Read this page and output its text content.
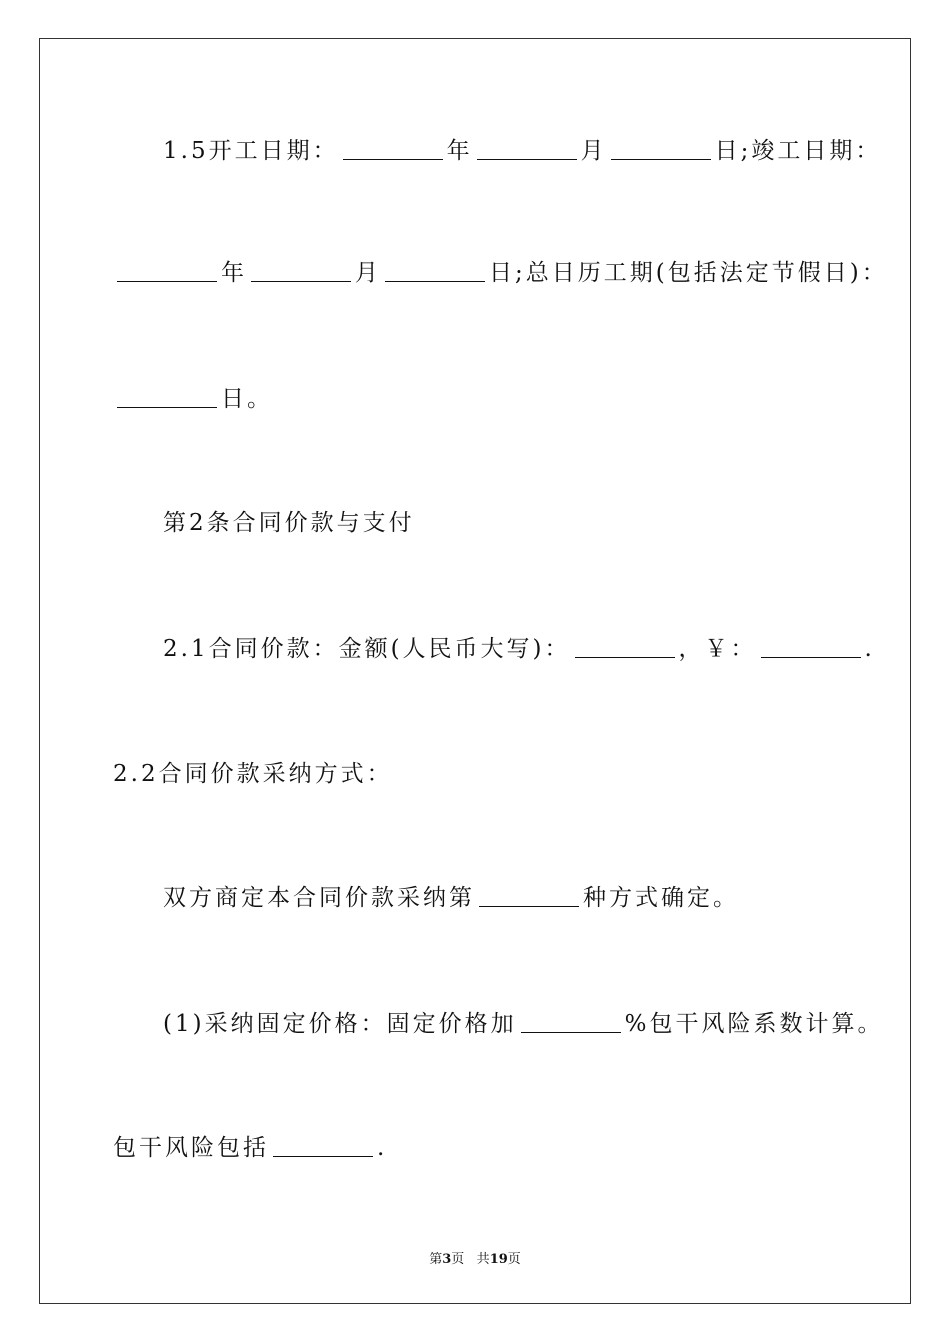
1.5开工日期：	年	月	日;竣工日期：
年	月	日;总日历工期(包括法定节假日)：
日。
第2条合同价款与支付
2.1合同价款：金额(人民币大写)：	，￥：	.
2.2合同价款采纳方式：
双方商定本合同价款采纳第	种方式确定。
(1)采纳固定价格：固定价格加	%包干风险系数计算。
包干风险包括	.
第3页 共19页
